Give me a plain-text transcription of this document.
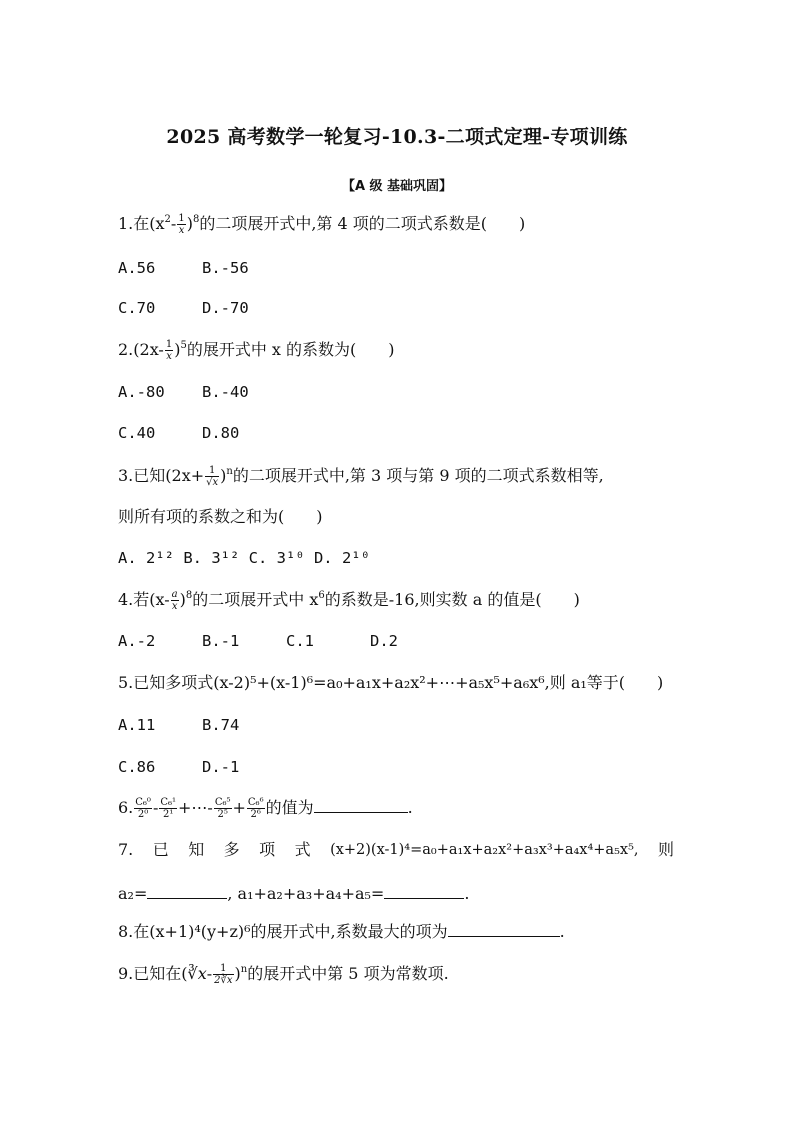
2025 高考数学一轮复习-10.3-二项式定理-专项训练
【A 级 基础巩固】
1.在$(x^2- \frac{1}{x} )^8$的二项展开式中,第 4 项的二项式系数是( )
A.56	B.-56
C.70	D.-70
$2.(2x- \frac{1}{x} )^5$的展开式中 x 的系数为( )
A.-80 B.-40
C.40	D.80
3.已知$(2x+ \frac{1}{√x} )^n$的二项展开式中,第 3 项与第 9 项的二项式系数相等,
则所有项的系数之和为( )
A. 2¹² B. 3¹² C. 3¹⁰ D. 2¹⁰
4.若$(x- \frac{a}{x} )^8$的二项展开式中 $x^6$的系数是-16,则实数 a 的值是( )
A.-2	B.-1	C.1	D.2
5.已知多项式(x-2)⁵+(x-1)⁶=a₀+a₁x+a₂x²+⋯+a₅x⁵+a₆x⁶,则 a₁等于( )
A.11	B.74
C.86	D.-1
6. $\frac{\text{C₆⁰}}{\text{2⁰}} - \frac{\text{C₆¹}}{\text{2¹}}$ +⋯- $\frac{\text{C₆⁵}}{\text{2⁵}} + \frac{\text{C₆⁶}}{\text{2⁶}}$ 的值为	.
7. 已 知 多 项 式 (x+2)(x-1)⁴=a₀+a₁x+a₂x²+a₃x³+a₄x⁴+a₅x⁵, 则
a₂=	, a₁+a₂+a₃+a₄+a₅=	.
8.在(x+1)⁴(y+z)⁶的展开式中,系数最大的项为	.
9.已知在(∛x- $\frac{1}{2∛x} )^n$的展开式中第 5 项为常数项.
